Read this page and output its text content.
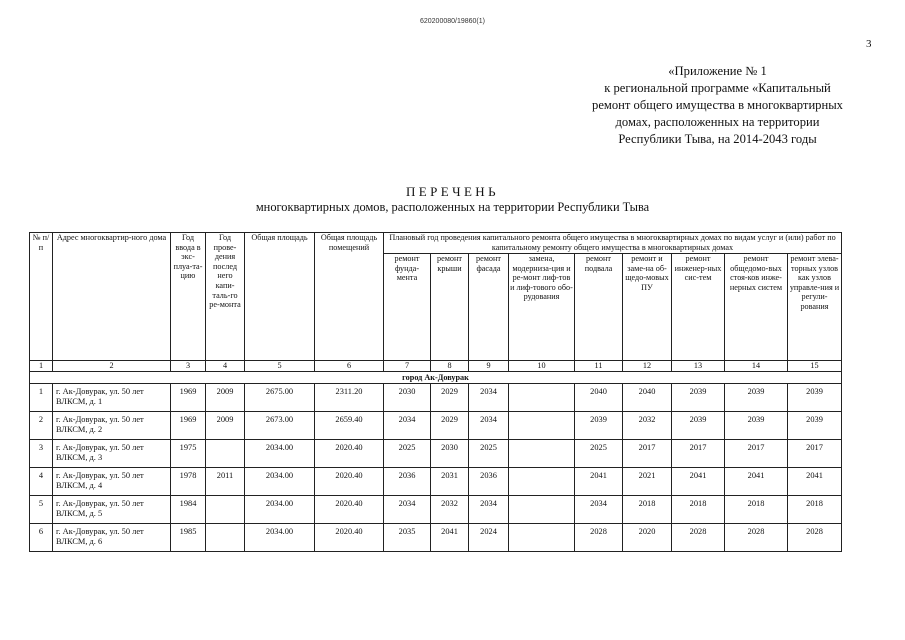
620200080/19860(1)
3
«Приложение № 1
к региональной программе «Капитальный
ремонт общего имущества в многоквартирных
домах, расположенных на территории
Республики Тыва, на 2014-2043 годы
ПЕРЕЧЕНЬ
многоквартирных домов, расположенных на территории Республики Тыва
№ п/п	Адрес многоквартир-ного дома	Год ввода в экс-плуа-та-цию	Год прове-дения послед него капи-таль-го ре-монта	Общая площадь	Общая площадь помещений	Плановый год проведения капитального ремонта общего имущества в многоквартирных домах по видам услуг и (или) работ по капитальному ремонту общего имущества в многоквартирных домах								
						ремонт фунда-мента	ремонт крыши	ремонт фасада	замена, модерниза-ция и ре-монт лиф-тов и лиф-тового обо-рудования	ремонт подвала	ремонт и заме-на об-щедо-мовых ПУ	ремонт инженер-ных сис-тем	ремонт общедомо-вых стоя-ков инже-нерных систем	ремонт элева-торных узлов как узлов управле-ния и регули-рования
1	2	3	4	5	6	7	8	9	10	11	12	13	14	15
город Ак-Довурак														
1	г. Ак-Довурак, ул. 50 лет ВЛКСМ, д. 1	1969	2009	2675.00	2311.20	2030	2029	2034		2040	2040	2039	2039	2039
2	г. Ак-Довурак, ул. 50 лет ВЛКСМ, д. 2	1969	2009	2673.00	2659.40	2034	2029	2034		2039	2032	2039	2039	2039
3	г. Ак-Довурак, ул. 50 лет ВЛКСМ, д. 3	1975		2034.00	2020.40	2025	2030	2025		2025	2017	2017	2017	2017
4	г. Ак-Довурак, ул. 50 лет ВЛКСМ, д. 4	1978	2011	2034.00	2020.40	2036	2031	2036		2041	2021	2041	2041	2041
5	г. Ак-Довурак, ул. 50 лет ВЛКСМ, д. 5	1984		2034.00	2020.40	2034	2032	2034		2034	2018	2018	2018	2018
6	г. Ак-Довурак, ул. 50 лет ВЛКСМ, д. 6	1985		2034.00	2020.40	2035	2041	2024		2028	2020	2028	2028	2028
